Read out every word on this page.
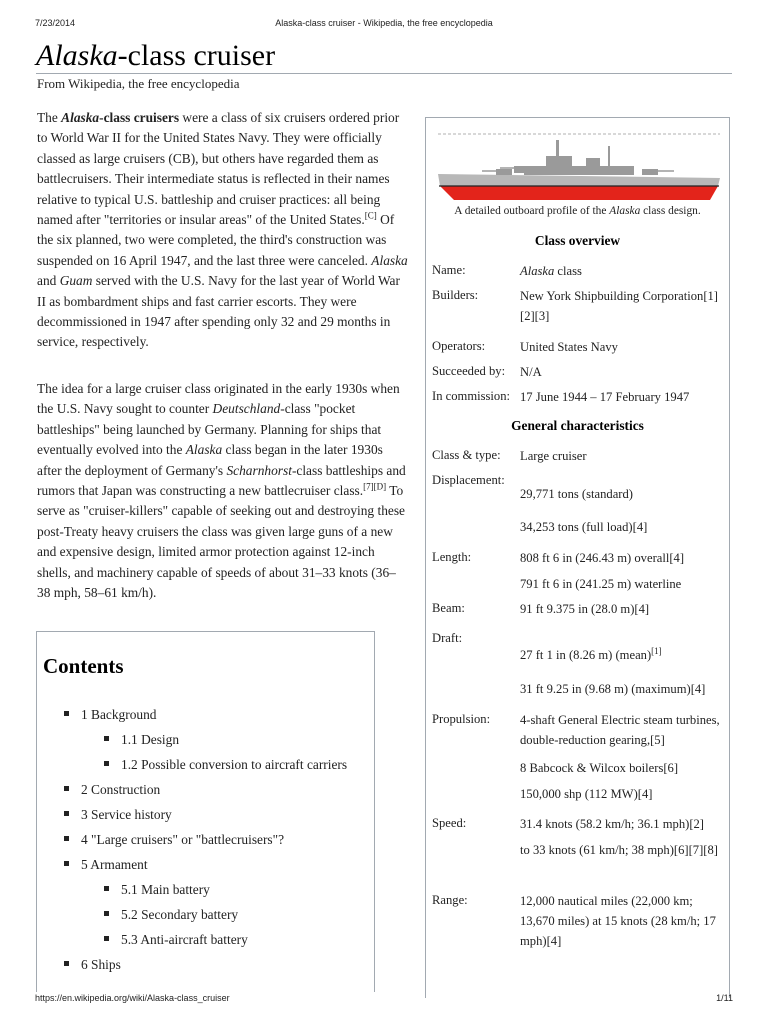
7/23/2014	Alaska-class cruiser - Wikipedia, the free encyclopedia
Alaska-class cruiser
From Wikipedia, the free encyclopedia

The Alaska-class cruisers were a class of six cruisers ordered prior to World War II for the United States Navy. They were officially classed as large cruisers (CB), but others have regarded them as battlecruisers. Their intermediate status is reflected in their names relative to typical U.S. battleship and cruiser practices: all being named after "territories or insular areas" of the United States.[C] Of the six planned, two were completed, the third's construction was suspended on 16 April 1947, and the last three were canceled. Alaska and Guam served with the U.S. Navy for the last year of World War II as bombardment ships and fast carrier escorts. They were decommissioned in 1947 after spending only 32 and 29 months in service, respectively.

The idea for a large cruiser class originated in the early 1930s when the U.S. Navy sought to counter Deutschland-class "pocket battleships" being launched by Germany. Planning for ships that eventually evolved into the Alaska class began in the later 1930s after the deployment of Germany's Scharnhorst-class battleships and rumors that Japan was constructing a new battlecruiser class.[7][D] To serve as "cruiser-killers" capable of seeking out and destroying these post-Treaty heavy cruisers the class was given large guns of a new and expensive design, limited armor protection against 12-inch shells, and machinery capable of speeds of about 31–33 knots (36–38 mph, 58–61 km/h).

Contents
1 Background
1.1 Design
1.2 Possible conversion to aircraft carriers
2 Construction
3 Service history
4 "Large cruisers" or "battlecruisers"?
5 Armament
5.1 Main battery
5.2 Secondary battery
5.3 Anti-aircraft battery
6 Ships
A detailed outboard profile of the Alaska class design.
Class overview
Name:	Alaska class
Builders:	New York Shipbuilding Corporation[1][2][3]
Operators:	United States Navy
Succeeded by: N/A
In commission: 17 June 1944 – 17 February 1947
General characteristics
Class & type: Large cruiser
Displacement:
29,771 tons (standard)
34,253 tons (full load)[4]
Length:	808 ft 6 in (246.43 m) overall[4]
791 ft 6 in (241.25 m) waterline
Beam:	91 ft 9.375 in (28.0 m)[4]
Draft:
27 ft 1 in (8.26 m) (mean)[1]
31 ft 9.25 in (9.68 m) (maximum)[4]
Propulsion: 4-shaft General Electric steam turbines, double-reduction gearing,[5]
8 Babcock & Wilcox boilers[6]
150,000 shp (112 MW)[4]
Speed:	31.4 knots (58.2 km/h; 36.1 mph)[2]
to 33 knots (61 km/h; 38 mph)[6][7][8]
Range:	12,000 nautical miles (22,000 km; 13,670 miles) at 15 knots (28 km/h; 17 mph)[4]
https://en.wikipedia.org/wiki/Alaska-class_cruiser	1/11
